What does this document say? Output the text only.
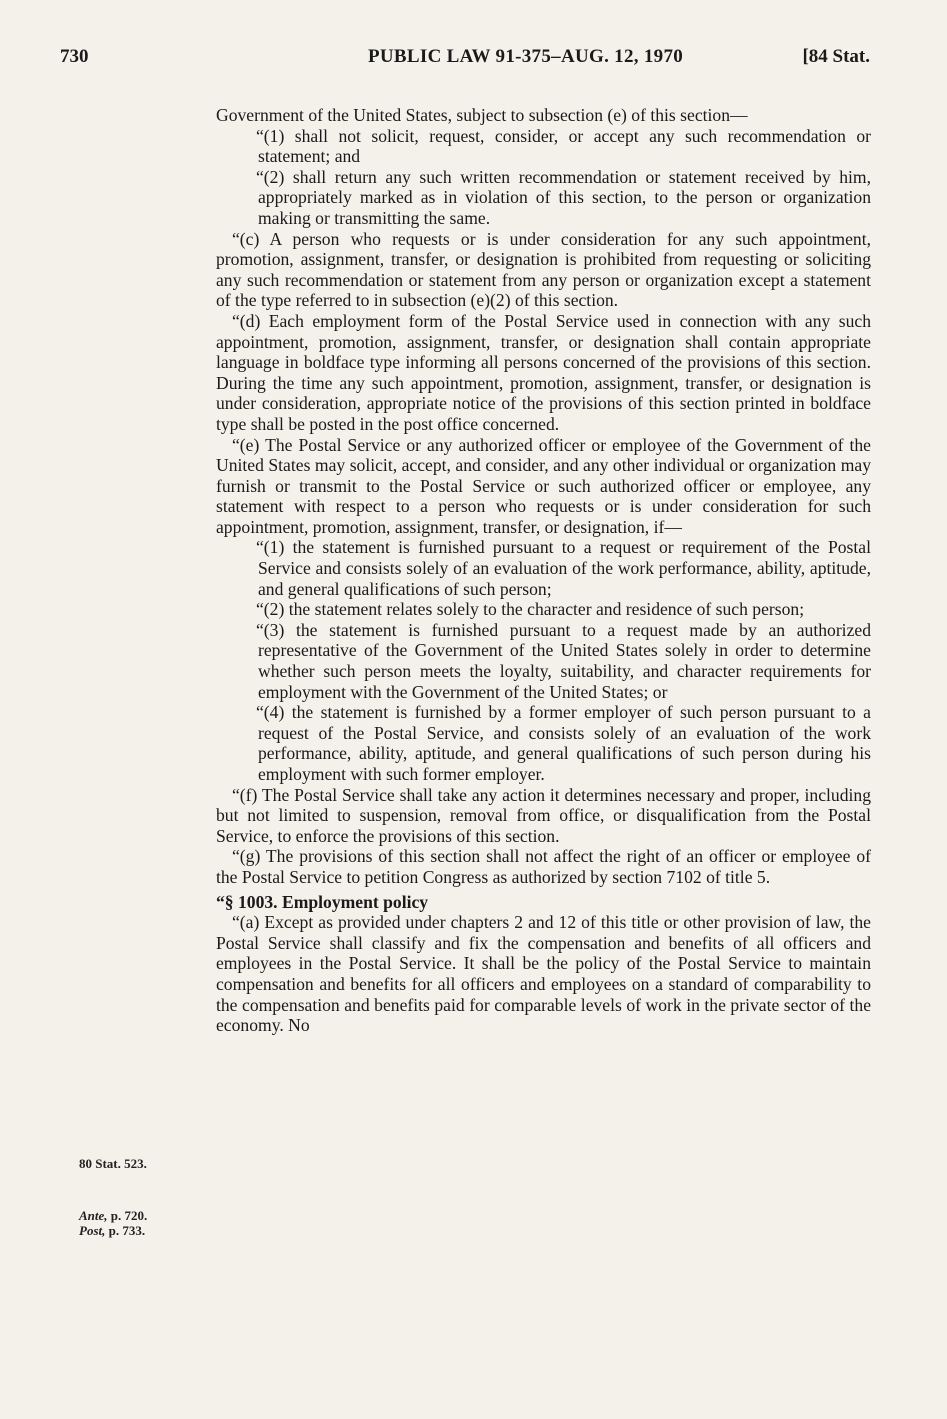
730	PUBLIC LAW 91-375–AUG. 12, 1970	[84 Stat.

Government of the United States, subject to subsection (e) of this section—

“(1) shall not solicit, request, consider, or accept any such recommendation or statement; and

“(2) shall return any such written recommendation or statement received by him, appropriately marked as in violation of this section, to the person or organization making or transmitting the same.

“(c) A person who requests or is under consideration for any such appointment, promotion, assignment, transfer, or designation is prohibited from requesting or soliciting any such recommendation or statement from any person or organization except a statement of the type referred to in subsection (e)(2) of this section.

“(d) Each employment form of the Postal Service used in connection with any such appointment, promotion, assignment, transfer, or designation shall contain appropriate language in boldface type informing all persons concerned of the provisions of this section. During the time any such appointment, promotion, assignment, transfer, or designation is under consideration, appropriate notice of the provisions of this section printed in boldface type shall be posted in the post office concerned.

“(e) The Postal Service or any authorized officer or employee of the Government of the United States may solicit, accept, and consider, and any other individual or organization may furnish or transmit to the Postal Service or such authorized officer or employee, any statement with respect to a person who requests or is under consideration for such appointment, promotion, assignment, transfer, or designation, if—

“(1) the statement is furnished pursuant to a request or requirement of the Postal Service and consists solely of an evaluation of the work performance, ability, aptitude, and general qualifications of such person;

“(2) the statement relates solely to the character and residence of such person;

“(3) the statement is furnished pursuant to a request made by an authorized representative of the Government of the United States solely in order to determine whether such person meets the loyalty, suitability, and character requirements for employment with the Government of the United States; or

“(4) the statement is furnished by a former employer of such person pursuant to a request of the Postal Service, and consists solely of an evaluation of the work performance, ability, aptitude, and general qualifications of such person during his employment with such former employer.

“(f) The Postal Service shall take any action it determines necessary and proper, including but not limited to suspension, removal from office, or disqualification from the Postal Service, to enforce the provisions of this section.

“(g) The provisions of this section shall not affect the right of an officer or employee of the Postal Service to petition Congress as authorized by section 7102 of title 5.

“§ 1003. Employment policy

“(a) Except as provided under chapters 2 and 12 of this title or other provision of law, the Postal Service shall classify and fix the compensation and benefits of all officers and employees in the Postal Service. It shall be the policy of the Postal Service to maintain compensation and benefits for all officers and employees on a standard of comparability to the compensation and benefits paid for comparable levels of work in the private sector of the economy. No

80 Stat. 523.
Ante, p. 720.
Post, p. 733.
